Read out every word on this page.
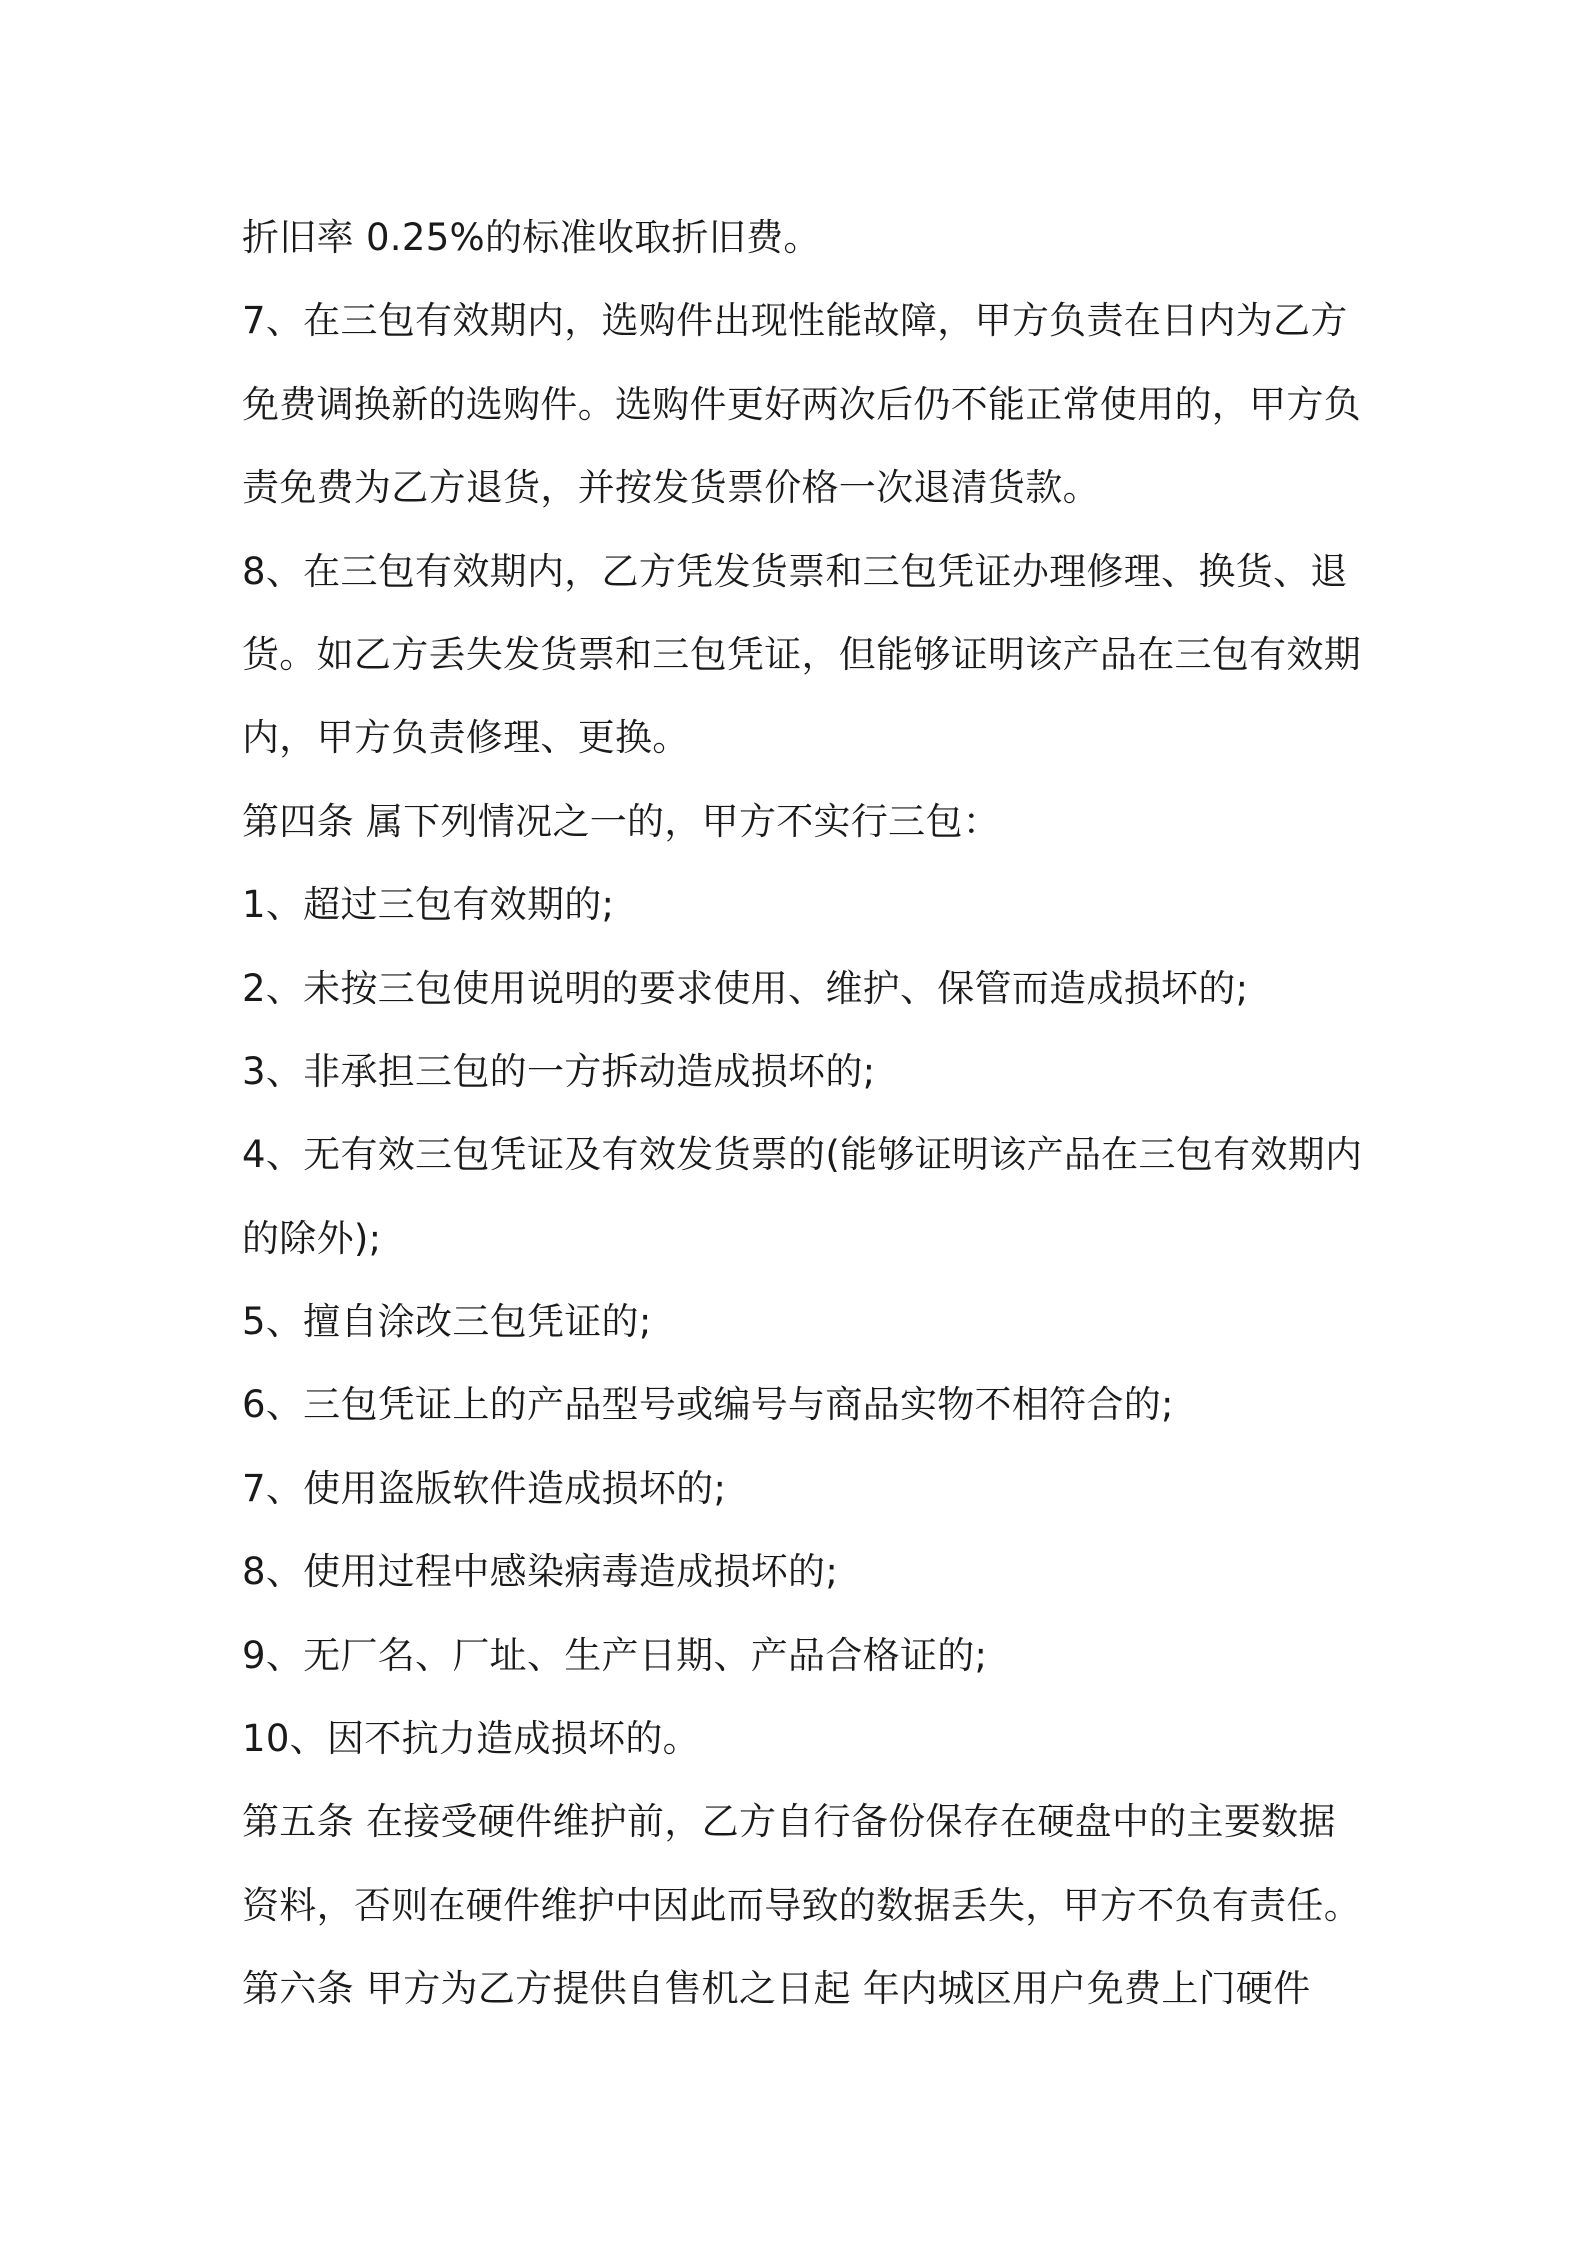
折旧率 0.25%的标准收取折旧费。
7、在三包有效期内，选购件出现性能故障，甲方负责在日内为乙方
免费调换新的选购件。选购件更好两次后仍不能正常使用的，甲方负
责免费为乙方退货，并按发货票价格一次退清货款。
8、在三包有效期内，乙方凭发货票和三包凭证办理修理、换货、退
货。如乙方丢失发货票和三包凭证，但能够证明该产品在三包有效期
内，甲方负责修理、更换。
第四条 属下列情况之一的，甲方不实行三包：
1、超过三包有效期的;
2、未按三包使用说明的要求使用、维护、保管而造成损坏的;
3、非承担三包的一方拆动造成损坏的;
4、无有效三包凭证及有效发货票的(能够证明该产品在三包有效期内
的除外);
5、擅自涂改三包凭证的;
6、三包凭证上的产品型号或编号与商品实物不相符合的;
7、使用盗版软件造成损坏的;
8、使用过程中感染病毒造成损坏的;
9、无厂名、厂址、生产日期、产品合格证的;
10、因不抗力造成损坏的。
第五条 在接受硬件维护前，乙方自行备份保存在硬盘中的主要数据
资料，否则在硬件维护中因此而导致的数据丢失，甲方不负有责任。
第六条 甲方为乙方提供自售机之日起 年内城区用户免费上门硬件
